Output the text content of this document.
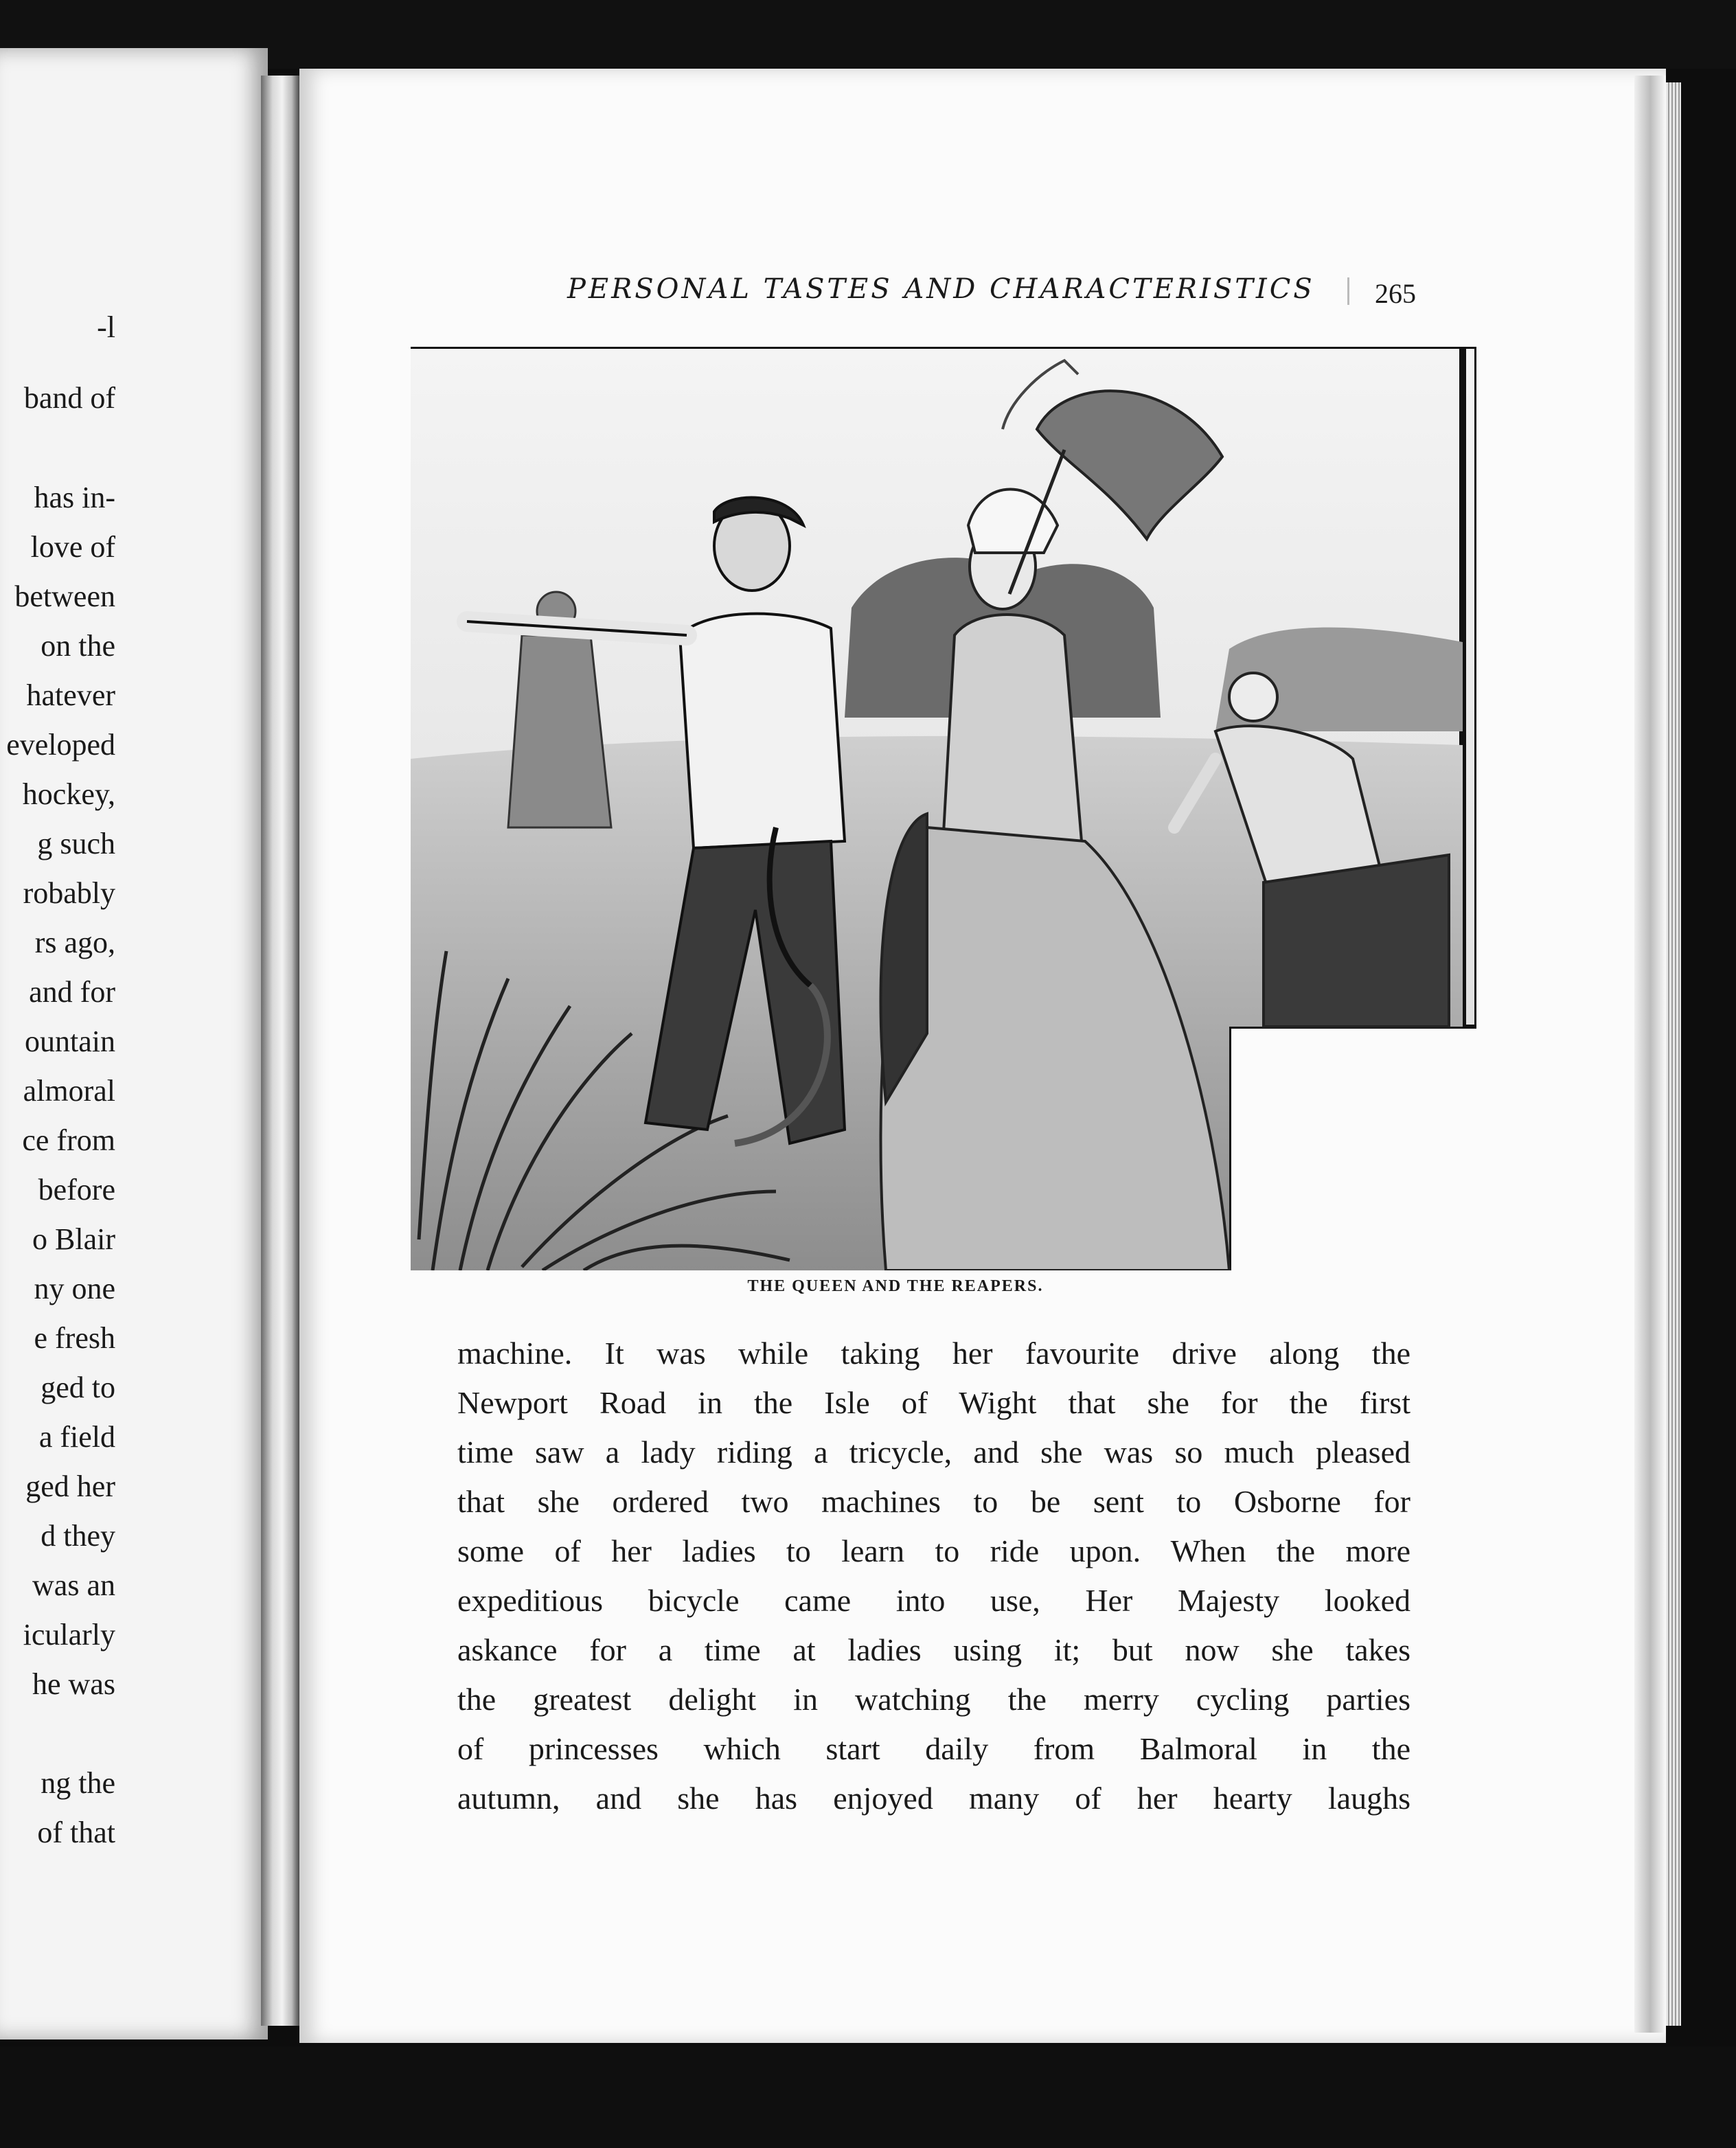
-l
band of
has in-
love of
between
on the
hatever
eveloped
hockey,
g such
robably
rs ago,
and for
ountain
almoral
ce from
before
o Blair
ny one
e fresh
ged to
a field
ged her
d they
was an
icularly
he was
ng the
of that
PERSONAL TASTES AND CHARACTERISTICS 265
THE QUEEN AND THE REAPERS.
machine. It was while taking her favourite drive along the
Newport Road in the Isle of Wight that she for the first
time saw a lady riding a tricycle, and she was so much pleased
that she ordered two machines to be sent to Osborne for
some of her ladies to learn to ride upon. When the more
expeditious bicycle came into use, Her Majesty looked
askance for a time at ladies using it; but now she takes
the greatest delight in watching the merry cycling parties
of princesses which start daily from Balmoral in the
autumn, and she has enjoyed many of her hearty laughs
